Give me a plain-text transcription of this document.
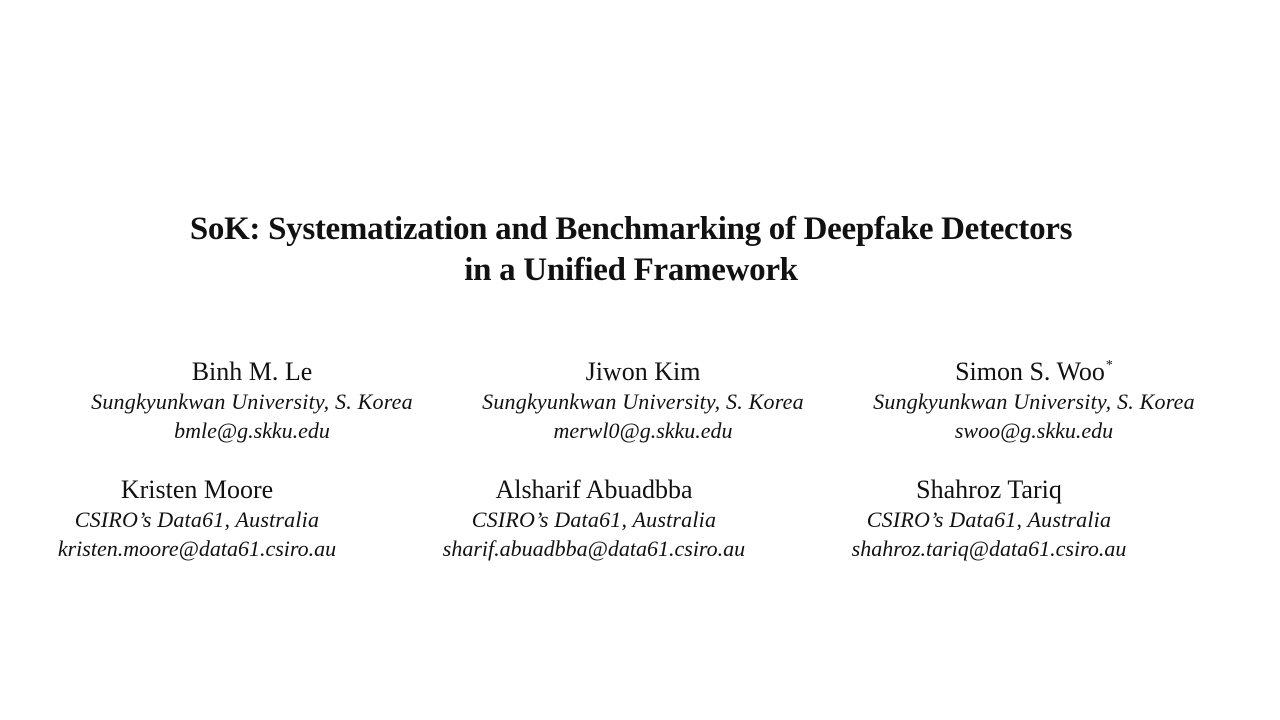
SoK: Systematization and Benchmarking of Deepfake Detectors
in a Unified Framework
Binh M. Le
Sungkyunkwan University, S. Korea
bmle@g.skku.edu
Jiwon Kim
Sungkyunkwan University, S. Korea
merwl0@g.skku.edu
Simon S. Woo*
Sungkyunkwan University, S. Korea
swoo@g.skku.edu
Kristen Moore
CSIRO’s Data61, Australia
kristen.moore@data61.csiro.au
Alsharif Abuadbba
CSIRO’s Data61, Australia
sharif.abuadbba@data61.csiro.au
Shahroz Tariq
CSIRO’s Data61, Australia
shahroz.tariq@data61.csiro.au
